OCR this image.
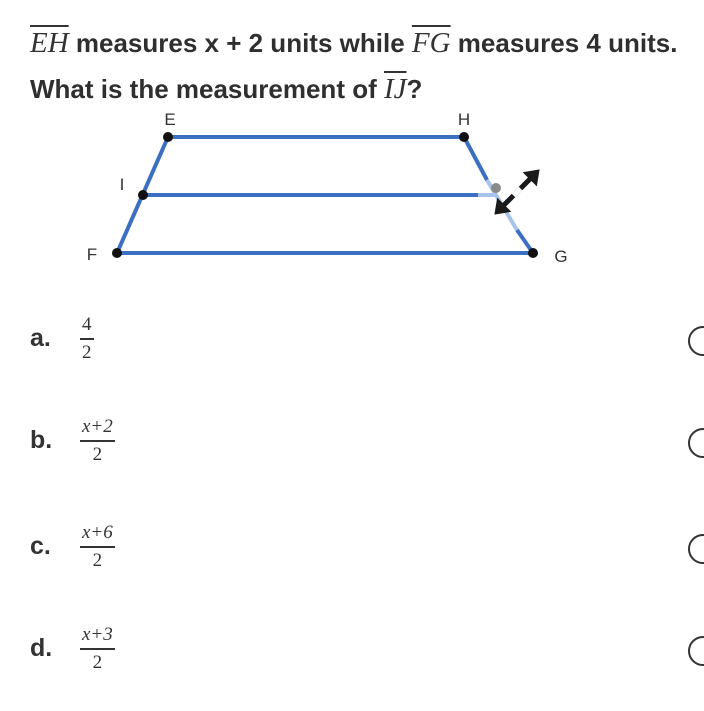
$\overline{EH}$ measures x + 2 units while $\overline{FG}$ measures 4 units. What is the measurement of $\overline{IJ}$?
E	H
I
F	G
a. 4
2
b. x+2
2
c. x+6
2
d. x+3
2
